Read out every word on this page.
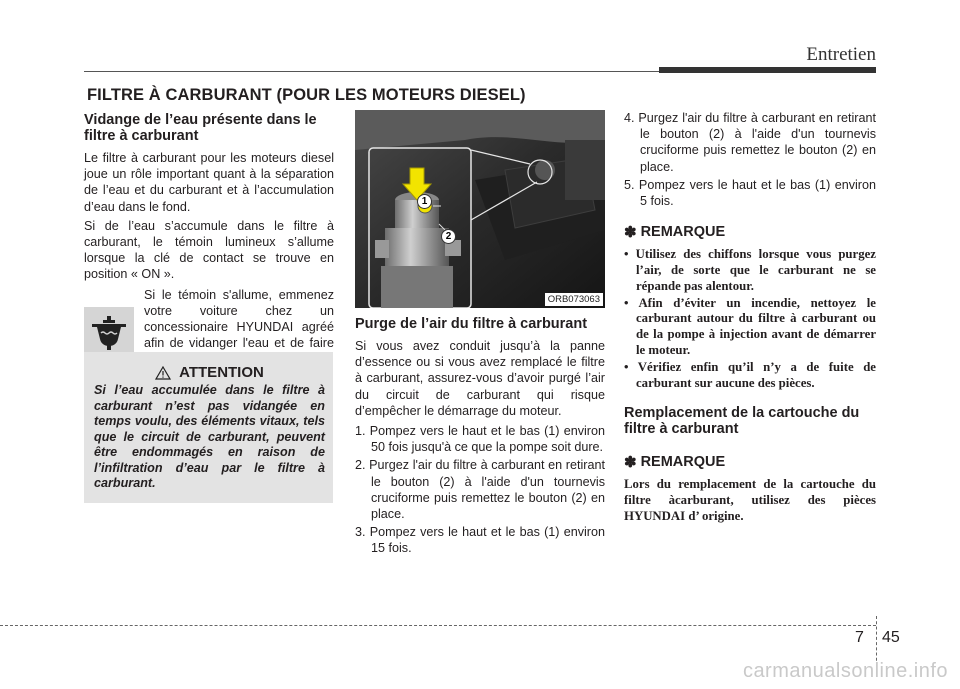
Entretien
FILTRE À CARBURANT (POUR LES MOTEURS DIESEL)
Vidange de l’eau présente dans le filtre à carburant

Le filtre à carburant pour les moteurs diesel joue un rôle important quant à la séparation de l’eau et du carburant et à l’accumulation d’eau dans le fond.

Si de l’eau s’accumule dans le filtre à carburant, le témoin lumineux s’allume lorsque la clé de contact se trouve en position « ON ».

Si le témoin s'allume, emmenez votre voiture chez un concessionaire HYUNDAI agréé afin de vidanger l'eau et de faire
ATTENTION
Si l’eau accumulée dans le filtre à carburant n’est pas vidangée en temps voulu, des éléments vitaux, tels que le circuit de carburant, peuvent être endommagés en raison de l’infiltration d’eau par le filtre à carburant.
1
2
ORB073063
Purge de l’air du filtre à carburant

Si vous avez conduit jusqu’à la panne d’essence ou si vous avez remplacé le filtre à carburant, assurez-vous d’avoir purgé l’air du circuit de carburant qui risque d’empêcher le démarrage du moteur.

1. Pompez vers le haut et le bas (1) environ 50 fois jusqu'à ce que la pompe soit dure.
2. Purgez l'air du filtre à carburant en retirant le bouton (2) à l'aide d'un tournevis cruciforme puis remettez le bouton (2) en place.
3. Pompez vers le haut et le bas (1) environ 15 fois.
4. Purgez l'air du filtre à carburant en retirant le bouton (2) à l'aide d'un tournevis cruciforme puis remettez le bouton (2) en place.
5. Pompez vers le haut et le bas (1) environ 5 fois.
✽ REMARQUE
• Utilisez des chiffons lorsque vous purgez l’air, de sorte que le carburant ne se répande pas alentour.
• Afin d’éviter un incendie, nettoyez le carburant autour du filtre à carburant ou de la pompe à injection avant de démarrer le moteur.
• Vérifiez enfin qu’il n’y a de fuite de carburant sur aucune des pièces.
Remplacement de la cartouche du filtre à carburant
✽ REMARQUE

Lors du remplacement de la cartouche du filtre àcarburant, utilisez des pièces HYUNDAI d’ origine.

7 45
carmanualsonline.info
